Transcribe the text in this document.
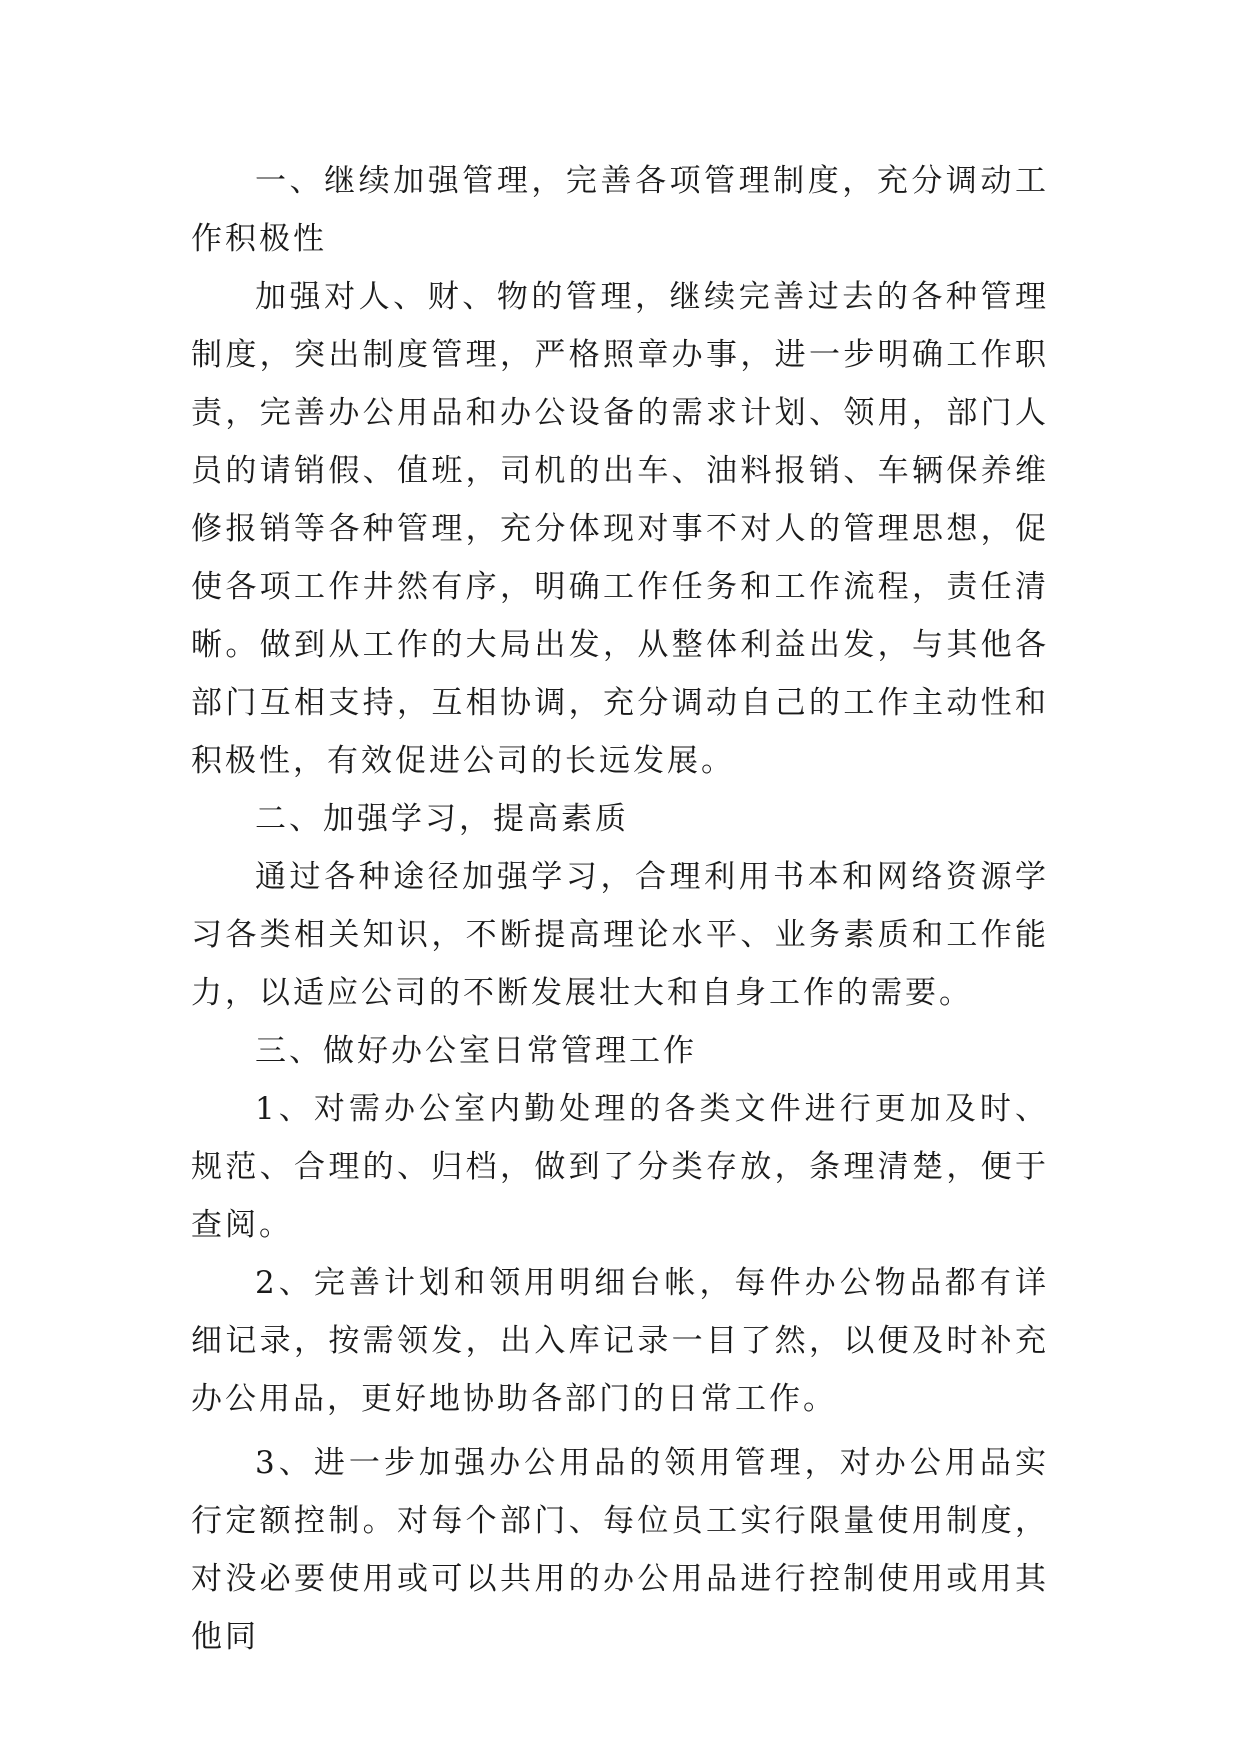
一、继续加强管理，完善各项管理制度，充分调动工作积极性

加强对人、财、物的管理，继续完善过去的各种管理制度，突出制度管理，严格照章办事，进一步明确工作职责，完善办公用品和办公设备的需求计划、领用，部门人员的请销假、值班，司机的出车、油料报销、车辆保养维修报销等各种管理，充分体现对事不对人的管理思想，促使各项工作井然有序，明确工作任务和工作流程，责任清晰。做到从工作的大局出发，从整体利益出发，与其他各部门互相支持，互相协调，充分调动自己的工作主动性和积极性，有效促进公司的长远发展。

二、加强学习，提高素质

通过各种途径加强学习，合理利用书本和网络资源学习各类相关知识，不断提高理论水平、业务素质和工作能力，以适应公司的不断发展壮大和自身工作的需要。

三、做好办公室日常管理工作

1、对需办公室内勤处理的各类文件进行更加及时、规范、合理的、归档，做到了分类存放，条理清楚，便于查阅。

2、完善计划和领用明细台帐，每件办公物品都有详细记录，按需领发，出入库记录一目了然，以便及时补充办公用品，更好地协助各部门的日常工作。

3、进一步加强办公用品的领用管理，对办公用品实行定额控制。对每个部门、每位员工实行限量使用制度，对没必要使用或可以共用的办公用品进行控制使用或用其他同
